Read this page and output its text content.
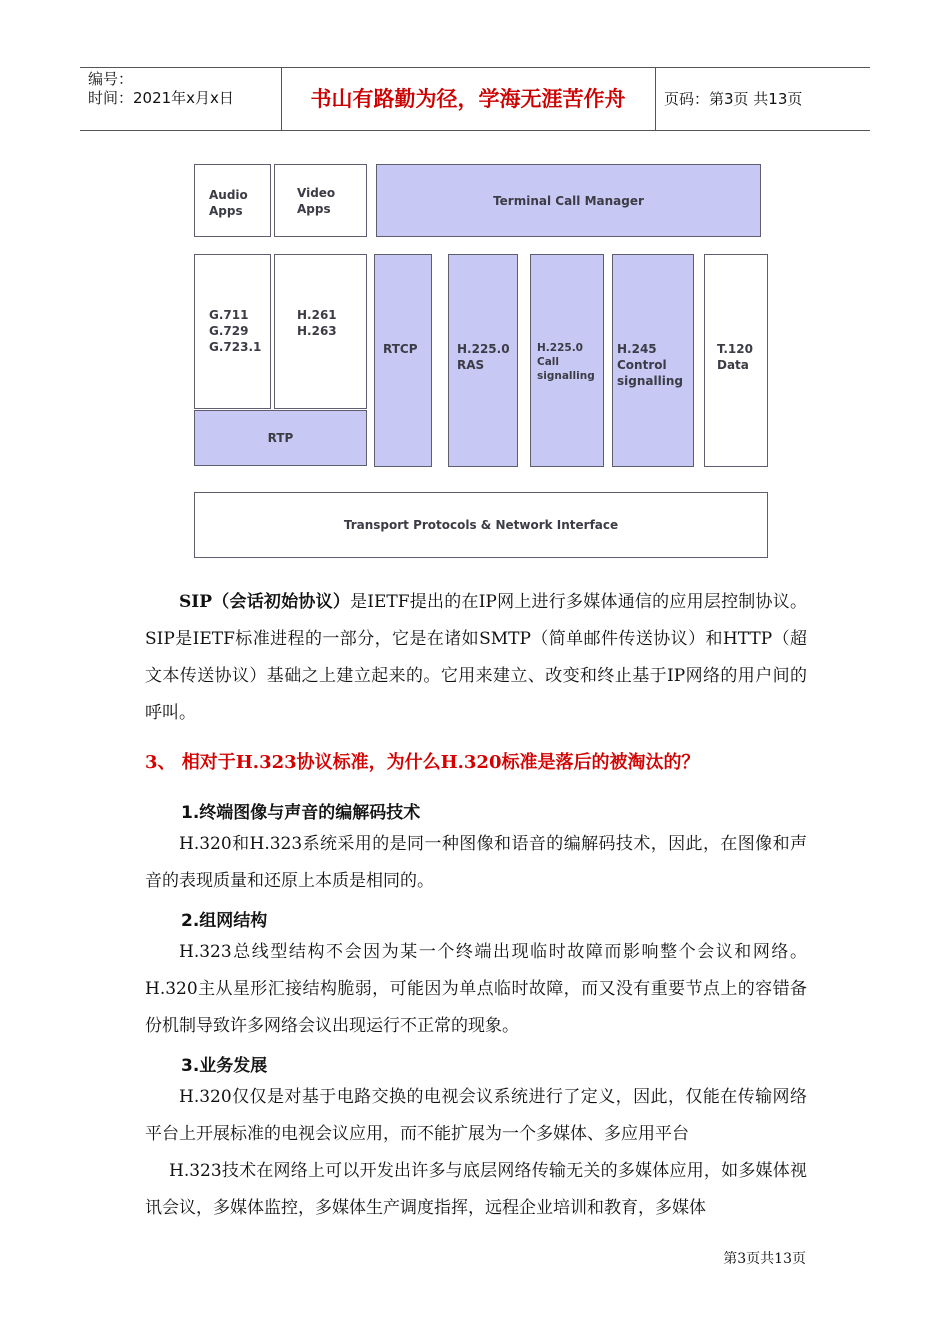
编号：
时间：2021年x月x日	书山有路勤为径，学海无涯苦作舟	页码：第3页 共13页
Audio
Apps
Video
Apps
Terminal Call Manager
G.711
G.729
G.723.1
H.261
H.263
RTP
RTCP	H.225.0
RAS
H.225.0
Call
signalling
H.245
Control
signalling
T.120
Data
Transport Protocols & Network Interface

SIP（会话初始协议）是IETF提出的在IP网上进行多媒体通信的应用层控制协议。SIP是IETF标准进程的一部分，它是在诸如SMTP（简单邮件传送协议）和HTTP（超文本传送协议）基础之上建立起来的。它用来建立、改变和终止基于IP网络的用户间的呼叫。

3、 相对于H.323协议标准，为什么H.320标准是落后的被淘汰的？
1.终端图像与声音的编解码技术

H.320和H.323系统采用的是同一种图像和语音的编解码技术，因此，在图像和声音的表现质量和还原上本质是相同的。

2.组网结构

H.323总线型结构不会因为某一个终端出现临时故障而影响整个会议和网络。H.320主从星形汇接结构脆弱，可能因为单点临时故障，而又没有重要节点上的容错备份机制导致许多网络会议出现运行不正常的现象。

3.业务发展

H.320仅仅是对基于电路交换的电视会议系统进行了定义，因此，仅能在传输网络平台上开展标准的电视会议应用，而不能扩展为一个多媒体、多应用平台

H.323技术在网络上可以开发出许多与底层网络传输无关的多媒体应用，如多媒体视讯会议，多媒体监控，多媒体生产调度指挥，远程企业培训和教育，多媒体

第3页共13页
